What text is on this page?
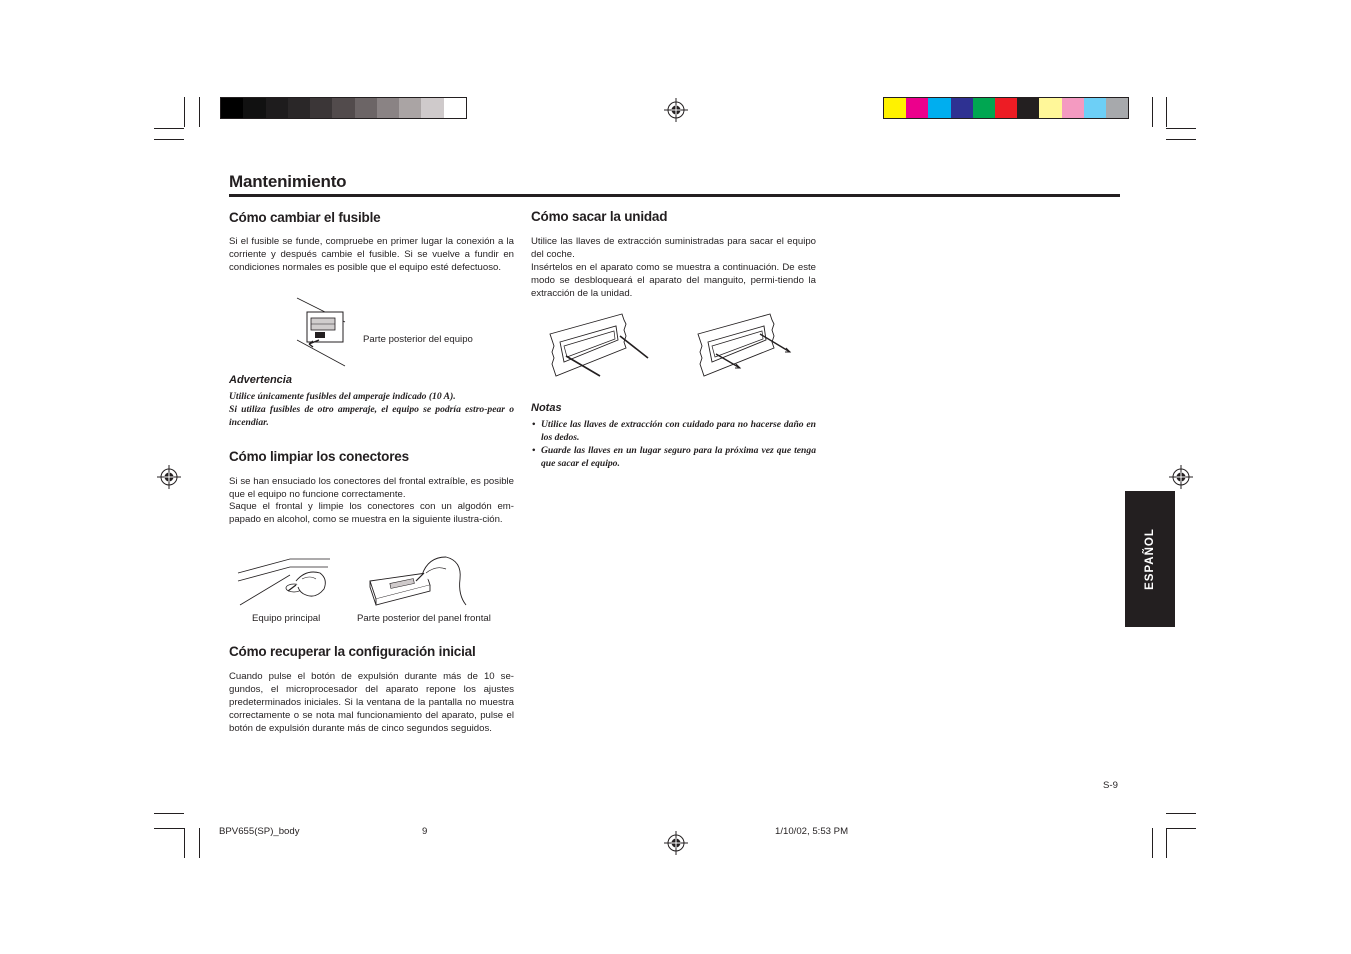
Mantenimiento
Cómo cambiar el fusible
Si el fusible se funde, compruebe en primer lugar la conexión a la corriente y después cambie el fusible. Si se vuelve a fundir en condiciones normales es posible que el equipo esté defectuoso.
Parte posterior del equipo
Advertencia
Utilice únicamente fusibles del amperaje indicado (10 A).
Si utiliza fusibles de otro amperaje, el equipo se podría estro-pear o incendiar.
Cómo limpiar los conectores
Si se han ensuciado los conectores del frontal extraíble, es posible que el equipo no funcione correctamente.
Saque el frontal y limpie los conectores con un algodón em-papado en alcohol, como se muestra en la siguiente ilustra-ción.
Equipo principal	Parte posterior del panel frontal
Cómo recuperar la configuración inicial
Cuando pulse el botón de expulsión durante más de 10 se-gundos, el microprocesador del aparato repone los ajustes predeterminados iniciales. Si la ventana de la pantalla no muestra correctamente o se nota mal funcionamiento del aparato, pulse el botón de expulsión durante más de cinco segundos seguidos.
Cómo sacar la unidad
Utilice las llaves de extracción suministradas para sacar el equipo del coche.
Insértelos en el aparato como se muestra a continuación. De este modo se desbloqueará el aparato del manguito, permi-tiendo la extracción de la unidad.
Notas
• Utilice las llaves de extracción con cuidado para no hacerse daño en los dedos.
• Guarde las llaves en un lugar seguro para la próxima vez que tenga que sacar el equipo.
ESPAÑOL
S-9
BPV655(SP)_body	9	1/10/02, 5:53 PM
